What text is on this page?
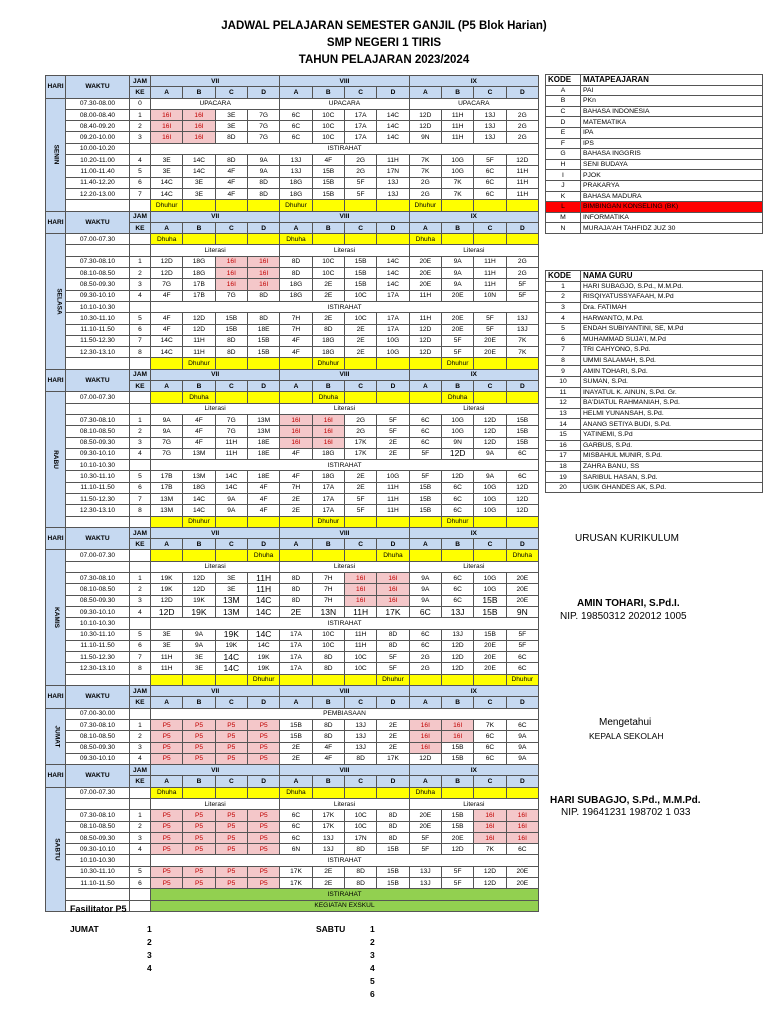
JADWAL PELAJARAN SEMESTER GANJIL (P5 Blok Harian)
SMP NEGERI 1 TIRIS
TAHUN PELAJARAN 2023/2024
HARI	WAKTU	JAM	VII				VIII				IX			
		KE	A	B	C	D	A	B	C	D	A	B	C	D
SENIN	07.30-08.00	0	UPACARA				UPACARA				UPACARA			
	08.00-08.40	1	16I	16I	3E	7G	6C	10C	17A	14C	12D	11H	13J	2G
	08.40-09.20	2	16I	16I	3E	7G	6C	10C	17A	14C	12D	11H	13J	2G
	09.20-10.00	3	16I	16I	8D	7G	6C	10C	17A	14C	9N	11H	13J	2G
	10.00-10.20		ISTIRAHAT											
	10.20-11.00	4	3E	14C	8D	9A	13J	4F	2G	11H	7K	10G	5F	12D
	11.00-11.40	5	3E	14C	4F	9A	13J	15B	2G	17N	7K	10G	6C	11H
	11.40-12.20	6	14C	3E	4F	8D	18G	15B	5F	13J	2G	7K	6C	11H
	12.20-13.00	7	14C	3E	4F	8D	18G	15B	5F	13J	2G	7K	6C	11H
			Dhuhur				Dhuhur				Dhuhur			
HARI	WAKTU	JAM	VII				VIII				IX			
		KE	A	B	C	D	A	B	C	D	A	B	C	D
SELASA	07.00-07.30		Dhuha				Dhuha				Dhuha			
			Literasi				Literasi				Literasi			
	07.30-08.10	1	12D	18G	16I	16I	8D	10C	15B	14C	20E	9A	11H	2G
	08.10-08.50	2	12D	18G	16I	16I	8D	10C	15B	14C	20E	9A	11H	2G
	08.50-09.30	3	7G	17B	16I	16I	18G	2E	15B	14C	20E	9A	11H	5F
	09.30-10.10	4	4F	17B	7G	8D	18G	2E	10C	17A	11H	20E	10N	5F
	10.10-10.30		ISTIRAHAT											
	10.30-11.10	5	4F	12D	15B	8D	7H	2E	10C	17A	11H	20E	5F	13J
	11.10-11.50	6	4F	12D	15B	18E	7H	8D	2E	17A	12D	20E	5F	13J
	11.50-12.30	7	14C	11H	8D	15B	4F	18G	2E	10G	12D	5F	20E	7K
	12.30-13.10	8	14C	11H	8D	15B	4F	18G	2E	10G	12D	5F	20E	7K
				Dhuhur				Dhuhur				Dhuhur		
HARI	WAKTU	JAM	VII				VIII				IX			
		KE	A	B	C	D	A	B	C	D	A	B	C	D
RABU	07.00-07.30			Dhuha				Dhuha				Dhuha		
			Literasi				Literasi				Literasi			
	07.30-08.10	1	9A	4F	7G	13M	16I	16I	2G	5F	6C	10G	12D	15B
	08.10-08.50	2	9A	4F	7G	13M	16I	16I	2G	5F	6C	10G	12D	15B
	08.50-09.30	3	7G	4F	11H	18E	16I	16I	17K	2E	6C	9N	12D	15B
	09.30-10.10	4	7G	13M	11H	18E	4F	18G	17K	2E	5F	12D	9A	6C
	10.10-10.30		ISTIRAHAT											
	10.30-11.10	5	17B	13M	14C	18E	4F	18G	2E	10G	5F	12D	9A	6C
	11.10-11.50	6	17B	18G	14C	4F	7H	17A	2E	11H	15B	6C	10G	12D
	11.50-12.30	7	13M	14C	9A	4F	2E	17A	5F	11H	15B	6C	10G	12D
	12.30-13.10	8	13M	14C	9A	4F	2E	17A	5F	11H	15B	6C	10G	12D
				Dhuhur				Dhuhur				Dhuhur		
HARI	WAKTU	JAM	VII				VIII				IX			
		KE	A	B	C	D	A	B	C	D	A	B	C	D
KAMIS	07.00-07.30					Dhuha				Dhuha				Dhuha
			Literasi				Literasi				Literasi			
	07.30-08.10	1	19K	12D	3E	11H	8D	7H	16I	16I	9A	6C	10G	20E
	08.10-08.50	2	19K	12D	3E	11H	8D	7H	16I	16I	9A	6C	10G	20E
	08.50-09.30	3	12D	19K	13M	14C	8D	7H	16I	16I	9A	6C	15B	20E
	09.30-10.10	4	12D	19K	13M	14C	2E	13N	11H	17K	6C	13J	15B	9N
	10.10-10.30		ISTIRAHAT											
	10.30-11.10	5	3E	9A	19K	14C	17A	10C	11H	8D	6C	13J	15B	5F
	11.10-11.50	6	3E	9A	19K	14C	17A	10C	11H	8D	6C	12D	20E	5F
	11.50-12.30	7	11H	3E	14C	19K	17A	8D	10C	5F	2G	12D	20E	6C
	12.30-13.10	8	11H	3E	14C	19K	17A	8D	10C	5F	2G	12D	20E	6C
						Dhuhur				Dhuhur				Dhuhur
HARI	WAKTU	JAM	VII				VIII				IX			
		KE	A	B	C	D	A	B	C	D	A	B	C	D
JUMAT	07.00-30.00		PEMBIASAAN											
	07.30-08.10	1	P5	P5	P5	P5	15B	8D	13J	2E	16I	16I	7K	6C
	08.10-08.50	2	P5	P5	P5	P5	15B	8D	13J	2E	16I	16I	6C	9A
	08.50-09.30	3	P5	P5	P5	P5	2E	4F	13J	2E	16I	15B	6C	9A
	09.30-10.10	4	P5	P5	P5	P5	2E	4F	8D	17K	12D	15B	6C	9A
HARI	WAKTU	JAM	VII				VIII				IX			
		KE	A	B	C	D	A	B	C	D	A	B	C	D
SABTU	07.00-07.30		Dhuha				Dhuha				Dhuha			
			Literasi				Literasi				Literasi			
	07.30-08.10	1	P5	P5	P5	P5	6C	17K	10C	8D	20E	15B	16I	16I
	08.10-08.50	2	P5	P5	P5	P5	6C	17K	10C	8D	20E	15B	16I	16I
	08.50-09.30	3	P5	P5	P5	P5	6C	13J	17N	8D	5F	20E	16I	16I
	09.30-10.10	4	P5	P5	P5	P5	6N	13J	8D	15B	5F	12D	7K	6C
	10.10-10.30		ISTIRAHAT											
	10.30-11.10	5	P5	P5	P5	P5	17K	2E	8D	15B	13J	5F	12D	20E
	11.10-11.50	6	P5	P5	P5	P5	17K	2E	8D	15B	13J	5F	12D	20E
			ISTIRAHAT											
			KEGIATAN EXSKUL											
KODE	MATAPEAJARAN
A	PAI
B	PKn
C	BAHASA INDONESIA
D	MATEMATIKA
E	IPA
F	IPS
G	BAHASA INGGRIS
H	SENI BUDAYA
I	PJOK
J	PRAKARYA
K	BAHASA MADURA
L	BIMBINGAN KONSELING (BK)
M	INFORMATIKA
N	MURAJA'AH TAHFIDZ JUZ 30
KODE	NAMA GURU
1	HARI SUBAGJO, S.Pd., M.M.Pd.
2	RISQIYATUSSYAFAAH, M.Pd
3	Dra. FATIMAH
4	HARWANTO, M.Pd.
5	ENDAH SUBIYANTINI, SE, M.Pd
6	MUHAMMAD SUJA'I, M.Pd
7	TRI CAHYONO, S.Pd.
8	UMMI SALAMAH, S.Pd.
9	AMIN TOHARI, S.Pd.
10	SUMAN, S.Pd.
11	INAYATUL K. AINUN, S.Pd. Gr.
12	BA'DIATUL RAHMANIAH, S.Pd.
13	HELMI YUNANSAH, S.Pd.
14	ANANG SETIYA BUDI, S.Pd.
15	YATINEMI, S.Pd
16	GARBUS, S.Pd.
17	MISBAHUL MUNIR, S.Pd.
18	ZAHRA BANU, SS
19	SARIBUL HASAN, S.Pd.
20	UGIK GHANDES AK, S.Pd.
URUSAN KURIKULUM
AMIN TOHARI, S.Pd.I.
NIP. 19850312 202012 1005
Mengetahui
KEPALA SEKOLAH
HARI SUBAGJO, S.Pd., M.M.Pd.
NIP. 19641231 198702 1 033
Fasilitator P5
JUMAT	1
2
3
4
SABTU	1
2
3
4
5
6
